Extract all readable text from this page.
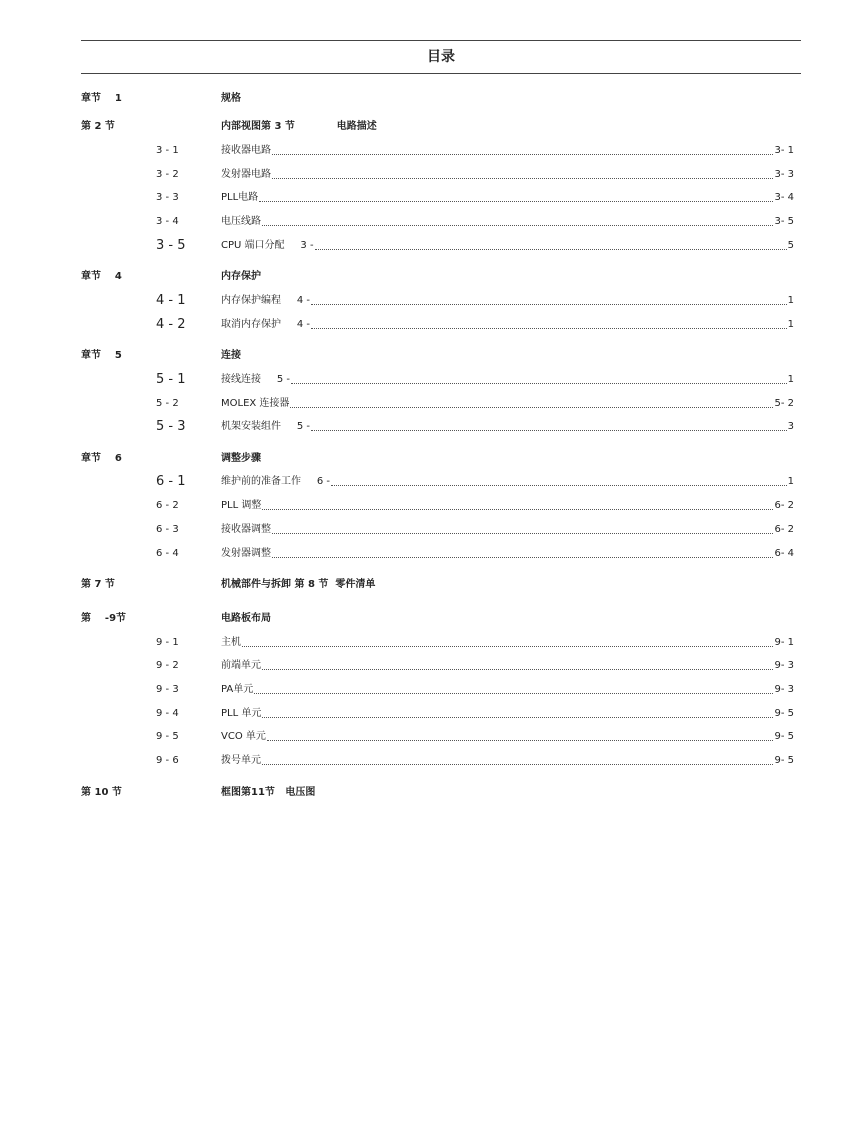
目录
章节    1	规格
第 2 节	内部视图第 3 节            电路描述
3 - 1	接收器电路	3- 1
3 - 2	发射器电路	3- 3
3 - 3	PLL电路	3- 4
3 - 4	电压线路	3- 5
3 - 5	CPU 端口分配     3 -	5
章节    4	内存保护
4 - 1	内存保护编程     4 -	1
4 - 2	取消内存保护     4 -	1
章节    5	连接
5 - 1	接线连接     5 -	1
5 - 2	MOLEX 连接器	5- 2
5 - 3	机架安装组件     5 -	3
章节    6	调整步骤
6 - 1	维护前的准备工作     6 -	1
6 - 2	PLL 调整	6- 2
6 - 3	接收器调整	6- 2
6 - 4	发射器调整	6- 4
第 7 节	机械部件与拆卸 第 8 节  零件清单
第    -9节	电路板布局
9 - 1	主机	9- 1
9 - 2	前端单元	9- 3
9 - 3	PA单元	9- 3
9 - 4	PLL 单元	9- 5
9 - 5	VCO 单元	9- 5
9 - 6	拨号单元	9- 5
第 10 节	框图第11节   电压图
